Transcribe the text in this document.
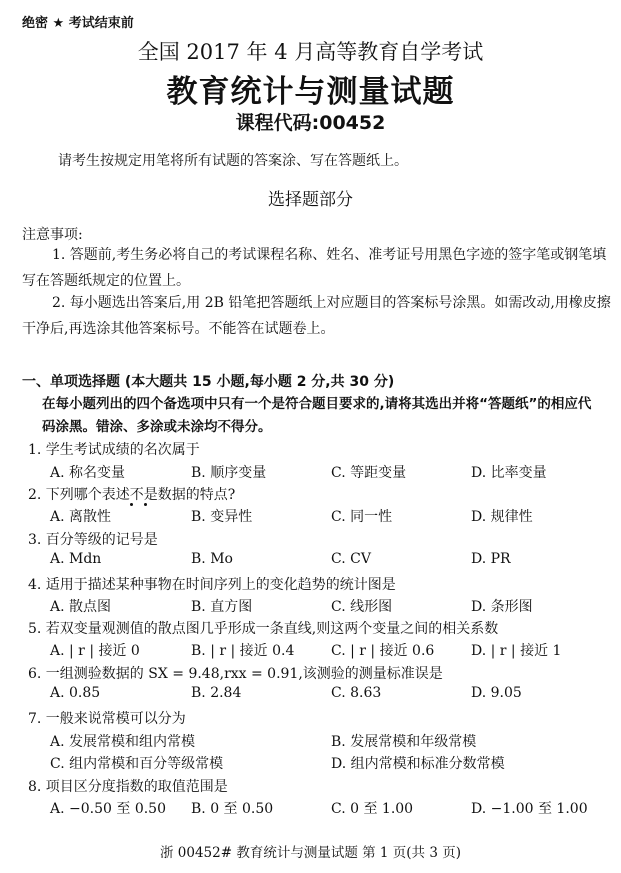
绝密 ★ 考试结束前
全国 2017 年 4 月高等教育自学考试
教育统计与测量试题
课程代码:00452
请考生按规定用笔将所有试题的答案涂、写在答题纸上。
选择题部分
注意事项:
1. 答题前,考生务必将自己的考试课程名称、姓名、准考证号用黑色字迹的签字笔或钢笔填写在答题纸规定的位置上。
2. 每小题选出答案后,用 2B 铅笔把答题纸上对应题目的答案标号涂黑。如需改动,用橡皮擦干净后,再选涂其他答案标号。不能答在试题卷上。
一、单项选择题 (本大题共 15 小题,每小题 2 分,共 30 分)
在每小题列出的四个备选项中只有一个是符合题目要求的,请将其选出并将“答题纸”的相应代码涂黑。错涂、多涂或未涂均不得分。
1. 学生考试成绩的名次属于
A. 称名变量	B. 顺序变量	C. 等距变量	D. 比率变量
2. 下列哪个表述不是数据的特点?
A. 离散性	B. 变异性	C. 同一性	D. 规律性
3. 百分等级的记号是
A. Mdn	B. Mo	C. CV	D. PR
4. 适用于描述某种事物在时间序列上的变化趋势的统计图是
A. 散点图	B. 直方图	C. 线形图	D. 条形图
5. 若双变量观测值的散点图几乎形成一条直线,则这两个变量之间的相关系数
A. | r | 接近 0	B. | r | 接近 0.4	C. | r | 接近 0.6	D. | r | 接近 1
6. 一组测验数据的 SX = 9.48,rxx = 0.91,该测验的测量标准误是
A. 0.85	B. 2.84	C. 8.63	D. 9.05
7. 一般来说常模可以分为
A. 发展常模和组内常模	B. 发展常模和年级常模
C. 组内常模和百分等级常模	D. 组内常模和标准分数常模
8. 项目区分度指数的取值范围是
A. −0.50 至 0.50 B. 0 至 0.50	C. 0 至 1.00	D. −1.00 至 1.00
浙 00452# 教育统计与测量试题 第 1 页(共 3 页)
